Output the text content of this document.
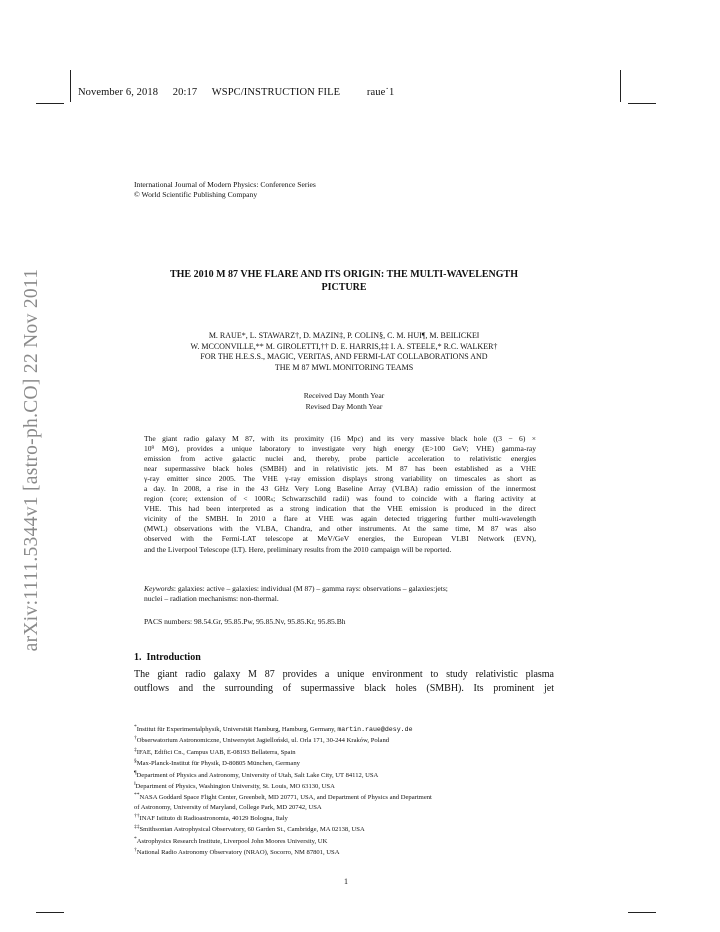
November 6, 2018 20:17 WSPC/INSTRUCTION FILE	raue˙1
International Journal of Modern Physics: Conference Series
© World Scientific Publishing Company
arXiv:1111.5344v1 [astro-ph.CO] 22 Nov 2011	THE 2010 M 87 VHE FLARE AND ITS ORIGIN: THE MULTI-WAVELENGTH
PICTURE
M. RAUE*, L. STAWARZ†, D. MAZIN‡, P. COLIN§, C. M. HUI¶, M. BEILICKE‖
W. MCCONVILLE,** M. GIROLETTI,†† D. E. HARRIS,‡‡ I. A. STEELE,* R.C. WALKER†
FOR THE H.E.S.S., MAGIC, VERITAS, AND FERMI-LAT COLLABORATIONS AND
THE M 87 MWL MONITORING TEAMS
Received Day Month Year
Revised Day Month Year
The giant radio galaxy M 87, with its proximity (16 Mpc) and its very massive black hole ((3 − 6) ×
10⁹ M⊙), provides a unique laboratory to investigate very high energy (E>100 GeV; VHE) gamma-ray
emission from active galactic nuclei and, thereby, probe particle acceleration to relativistic energies
near supermassive black holes (SMBH) and in relativistic jets. M 87 has been established as a VHE
γ-ray emitter since 2005. The VHE γ-ray emission displays strong variability on timescales as short as
a day. In 2008, a rise in the 43 GHz Very Long Baseline Array (VLBA) radio emission of the innermost
region (core; extension of < 100Rₛ; Schwarzschild radii) was found to coincide with a flaring activity at
VHE. This had been interpreted as a strong indication that the VHE emission is produced in the direct
vicinity of the SMBH. In 2010 a flare at VHE was again detected triggering further multi-wavelength
(MWL) observations with the VLBA, Chandra, and other instruments. At the same time, M 87 was also
observed with the Fermi-LAT telescope at MeV/GeV energies, the European VLBI Network (EVN),
and the Liverpool Telescope (LT). Here, preliminary results from the 2010 campaign will be reported.
Keywords: galaxies: active – galaxies: individual (M 87) – gamma rays: observations – galaxies:jets;
nuclei – radiation mechanisms: non-thermal.
PACS numbers: 98.54.Gr, 95.85.Pw, 95.85.Nv, 95.85.Kr, 95.85.Bh
1. Introduction
The giant radio galaxy M 87 provides a unique environment to study relativistic plasma
outflows and the surrounding of supermassive black holes (SMBH). Its prominent jet
*Institut für Experimentalphysik, Universität Hamburg, Hamburg, Germany, martin.raue@desy.de
†Obserwatorium Astronomiczne, Uniwersytet Jagielloński, ul. Orla 171, 30-244 Kraków, Poland
‡IFAE, Edifici Cn., Campus UAB, E-08193 Bellaterra, Spain
§Max-Planck-Institut für Physik, D-80805 München, Germany
¶Department of Physics and Astronomy, University of Utah, Salt Lake City, UT 84112, USA
‖Department of Physics, Washington University, St. Louis, MO 63130, USA
**NASA Goddard Space Flight Center, Greenbelt, MD 20771, USA, and Department of Physics and Department
of Astronomy, University of Maryland, College Park, MD 20742, USA
††INAF Istituto di Radioastronomia, 40129 Bologna, Italy
‡‡Smithsonian Astrophysical Observatory, 60 Garden St., Cambridge, MA 02138, USA
*Astrophysics Research Institute, Liverpool John Moores University, UK
†National Radio Astronomy Observatory (NRAO), Socorro, NM 87801, USA
1
